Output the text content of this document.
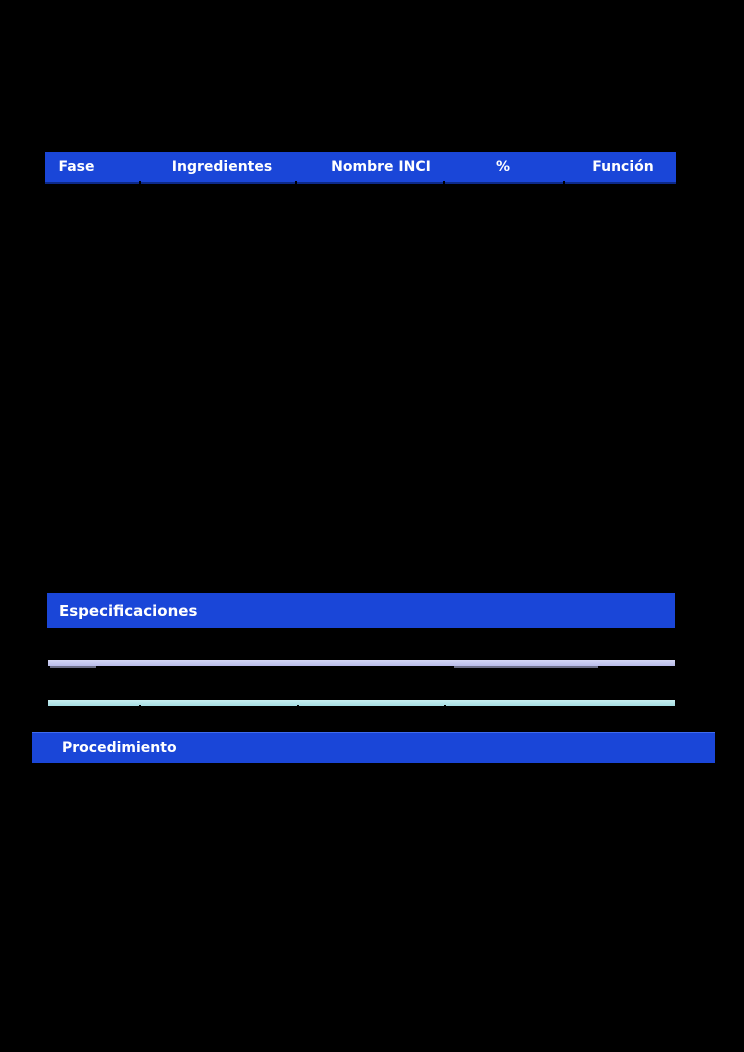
Fase	Ingredientes	Nombre INCI	%	Función
Especificaciones
Procedimiento
